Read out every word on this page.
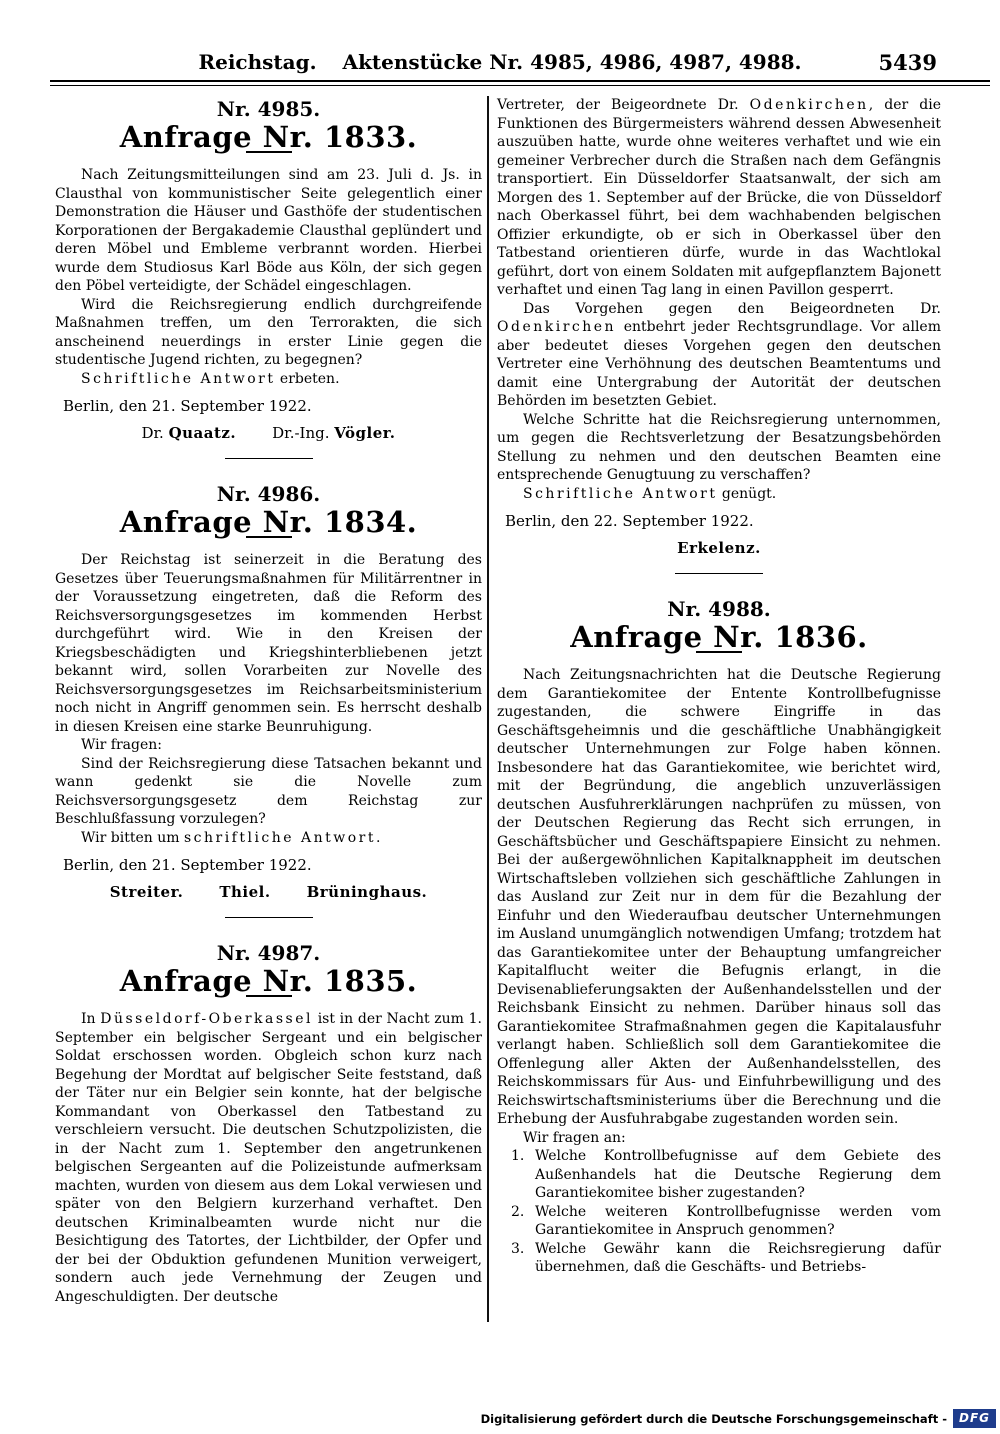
Reichstag. Aktenstücke Nr. 4985, 4986, 4987, 4988.	5439
Nr. 4985.
Anfrage Nr. 1833.

Nach Zeitungsmitteilungen sind am 23. Juli d. Js. in Clausthal von kommunistischer Seite gelegentlich einer Demonstration die Häuser und Gasthöfe der studentischen Korporationen der Bergakademie Clausthal geplündert und deren Möbel und Embleme verbrannt worden. Hierbei wurde dem Studiosus Karl Böde aus Köln, der sich gegen den Pöbel verteidigte, der Schädel eingeschlagen.

Wird die Reichsregierung endlich durchgreifende Maßnahmen treffen, um den Terrorakten, die sich anscheinend neuerdings in erster Linie gegen die studentische Jugend richten, zu begegnen?

Schriftliche Antwort erbeten.

Berlin, den 21. September 1922.

Dr. Quaatz. Dr.-Ing. Vögler.

Nr. 4986.
Anfrage Nr. 1834.

Der Reichstag ist seinerzeit in die Beratung des Gesetzes über Teuerungsmaßnahmen für Militärrentner in der Voraussetzung eingetreten, daß die Reform des Reichsversorgungsgesetzes im kommenden Herbst durchgeführt wird. Wie in den Kreisen der Kriegsbeschädigten und Kriegshinterbliebenen jetzt bekannt wird, sollen Vorarbeiten zur Novelle des Reichsversorgungsgesetzes im Reichsarbeitsministerium noch nicht in Angriff genommen sein. Es herrscht deshalb in diesen Kreisen eine starke Beunruhigung.

Wir fragen:

Sind der Reichsregierung diese Tatsachen bekannt und wann gedenkt sie die Novelle zum Reichsversorgungsgesetz dem Reichstag zur Beschlußfassung vorzulegen?

Wir bitten um schriftliche Antwort.

Berlin, den 21. September 1922.

Streiter. Thiel. Brüninghaus.

Nr. 4987.
Anfrage Nr. 1835.

In Düsseldorf-Oberkassel ist in der Nacht zum 1. September ein belgischer Sergeant und ein belgischer Soldat erschossen worden. Obgleich schon kurz nach Begehung der Mordtat auf belgischer Seite feststand, daß der Täter nur ein Belgier sein konnte, hat der belgische Kommandant von Oberkassel den Tatbestand zu verschleiern versucht. Die deutschen Schutzpolizisten, die in der Nacht zum 1. September den angetrunkenen belgischen Sergeanten auf die Polizeistunde aufmerksam machten, wurden von diesem aus dem Lokal verwiesen und später von den Belgiern kurzerhand verhaftet. Den deutschen Kriminalbeamten wurde nicht nur die Besichtigung des Tatortes, der Lichtbilder, der Opfer und der bei der Obduktion gefundenen Munition verweigert, sondern auch jede Vernehmung der Zeugen und Angeschuldigten. Der deutsche

Vertreter, der Beigeordnete Dr. Odenkirchen, der die Funktionen des Bürgermeisters während dessen Abwesenheit auszuüben hatte, wurde ohne weiteres verhaftet und wie ein gemeiner Verbrecher durch die Straßen nach dem Gefängnis transportiert. Ein Düsseldorfer Staatsanwalt, der sich am Morgen des 1. September auf der Brücke, die von Düsseldorf nach Oberkassel führt, bei dem wachhabenden belgischen Offizier erkundigte, ob er sich in Oberkassel über den Tatbestand orientieren dürfe, wurde in das Wachtlokal geführt, dort von einem Soldaten mit aufgepflanztem Bajonett verhaftet und einen Tag lang in einen Pavillon gesperrt.

Das Vorgehen gegen den Beigeordneten Dr. Odenkirchen entbehrt jeder Rechtsgrundlage. Vor allem aber bedeutet dieses Vorgehen gegen den deutschen Vertreter eine Verhöhnung des deutschen Beamtentums und damit eine Untergrabung der Autorität der deutschen Behörden im besetzten Gebiet.

Welche Schritte hat die Reichsregierung unternommen, um gegen die Rechtsverletzung der Besatzungsbehörden Stellung zu nehmen und den deutschen Beamten eine entsprechende Genugtuung zu verschaffen?

Schriftliche Antwort genügt.

Berlin, den 22. September 1922.

Erkelenz.

Nr. 4988.
Anfrage Nr. 1836.

Nach Zeitungsnachrichten hat die Deutsche Regierung dem Garantiekomitee der Entente Kontrollbefugnisse zugestanden, die schwere Eingriffe in das Geschäftsgeheimnis und die geschäftliche Unabhängigkeit deutscher Unternehmungen zur Folge haben können. Insbesondere hat das Garantiekomitee, wie berichtet wird, mit der Begründung, die angeblich unzuverlässigen deutschen Ausfuhrerklärungen nachprüfen zu müssen, von der Deutschen Regierung das Recht sich errungen, in Geschäftsbücher und Geschäftspapiere Einsicht zu nehmen. Bei der außergewöhnlichen Kapitalknappheit im deutschen Wirtschaftsleben vollziehen sich geschäftliche Zahlungen in das Ausland zur Zeit nur in dem für die Bezahlung der Einfuhr und den Wiederaufbau deutscher Unternehmungen im Ausland unumgänglich notwendigen Umfang; trotzdem hat das Garantiekomitee unter der Behauptung umfangreicher Kapitalflucht weiter die Befugnis erlangt, in die Devisenablieferungsakten der Außenhandelsstellen und der Reichsbank Einsicht zu nehmen. Darüber hinaus soll das Garantiekomitee Strafmaßnahmen gegen die Kapitalausfuhr verlangt haben. Schließlich soll dem Garantiekomitee die Offenlegung aller Akten der Außenhandelsstellen, des Reichskommissars für Aus- und Einfuhrbewilligung und des Reichswirtschaftsministeriums über die Berechnung und die Erhebung der Ausfuhrabgabe zugestanden worden sein.

Wir fragen an:

1. Welche Kontrollbefugnisse auf dem Gebiete des Außenhandels hat die Deutsche Regierung dem Garantiekomitee bisher zugestanden?
2. Welche weiteren Kontrollbefugnisse werden vom Garantiekomitee in Anspruch genommen?
3. Welche Gewähr kann die Reichsregierung dafür übernehmen, daß die Geschäfts- und Betriebs-
Digitalisierung gefördert durch die Deutsche Forschungsgemeinschaft -	DFG
